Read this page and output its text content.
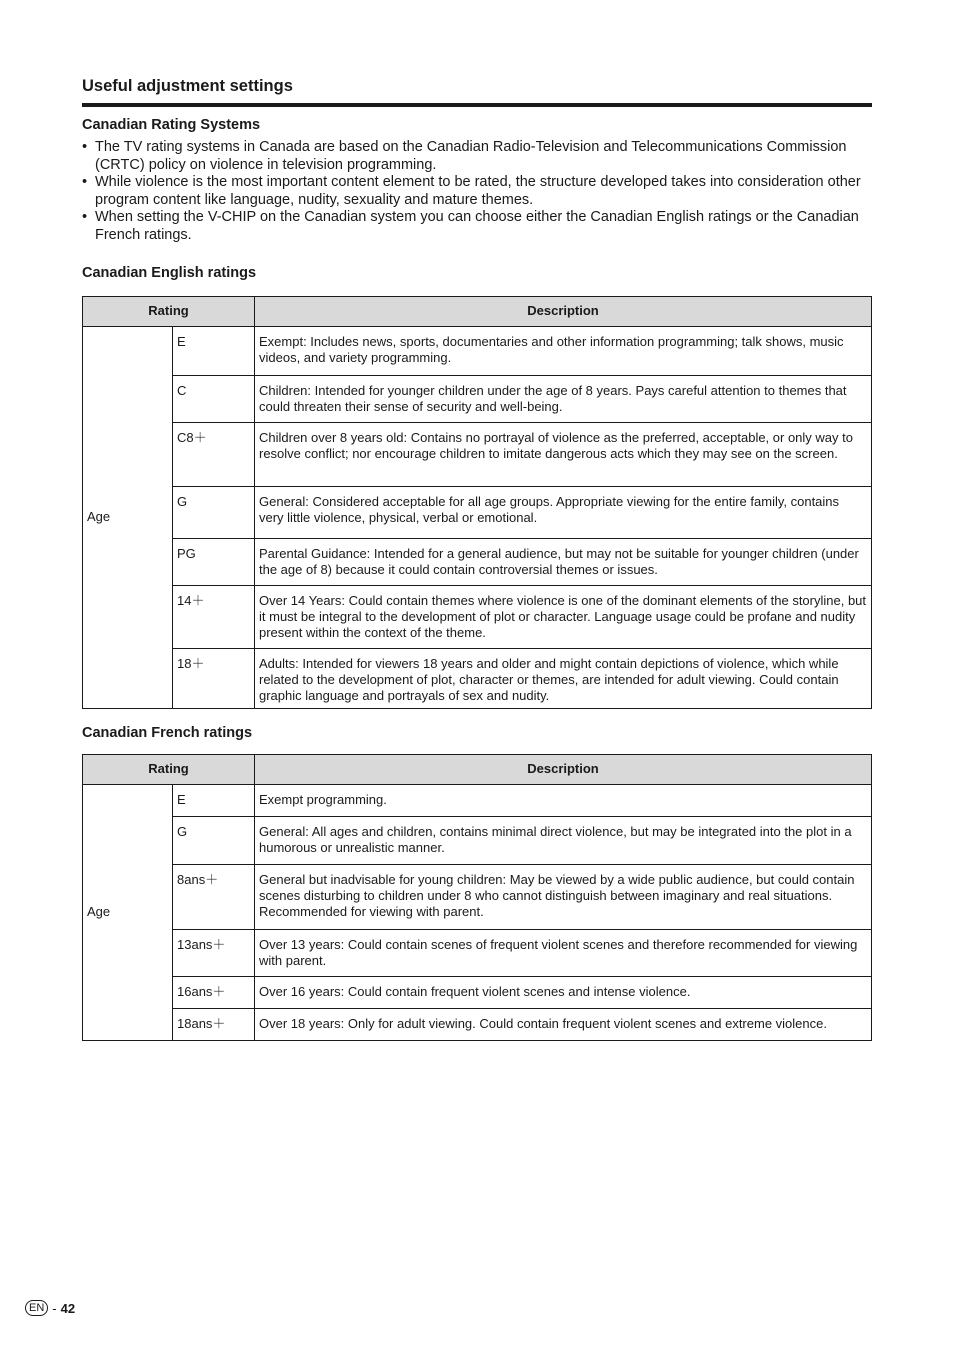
Useful adjustment settings
Canadian Rating Systems
• The TV rating systems in Canada are based on the Canadian Radio-Television and Telecommunications Commission (CRTC) policy on violence in television programming.
• While violence is the most important content element to be rated, the structure developed takes into consideration other program content like language, nudity, sexuality and mature themes.
• When setting the V-CHIP on the Canadian system you can choose either the Canadian English ratings or the Canadian French ratings.
Canadian English ratings
Rating		Description
Age	E	Exempt: Includes news, sports, documentaries and other information programming; talk shows, music videos, and variety programming.
	C	Children: Intended for younger children under the age of 8 years. Pays careful attention to themes that could threaten their sense of security and well-being.
	C8＋	Children over 8 years old: Contains no portrayal of violence as the preferred, acceptable, or only way to resolve conflict; nor encourage children to imitate dangerous acts which they may see on the screen.
	G	General: Considered acceptable for all age groups. Appropriate viewing for the entire family, contains very little violence, physical, verbal or emotional.
	PG	Parental Guidance: Intended for a general audience, but may not be suitable for younger children (under the age of 8) because it could contain controversial themes or issues.
	14＋	Over 14 Years: Could contain themes where violence is one of the dominant elements of the storyline, but it must be integral to the development of plot or character. Language usage could be profane and nudity present within the context of the theme.
	18＋	Adults: Intended for viewers 18 years and older and might contain depictions of violence, which while related to the development of plot, character or themes, are intended for adult viewing. Could contain graphic language and portrayals of sex and nudity.
Canadian French ratings
Rating		Description
Age	E	Exempt programming.
	G	General: All ages and children, contains minimal direct violence, but may be integrated into the plot in a humorous or unrealistic manner.
	8ans＋	General but inadvisable for young children: May be viewed by a wide public audience, but could contain scenes disturbing to children under 8 who cannot distinguish between imaginary and real situations. Recommended for viewing with parent.
	13ans＋	Over 13 years: Could contain scenes of frequent violent scenes and therefore recommended for viewing with parent.
	16ans＋	Over 16 years: Could contain frequent violent scenes and intense violence.
	18ans＋	Over 18 years: Only for adult viewing. Could contain frequent violent scenes and extreme violence.
EN - 42
